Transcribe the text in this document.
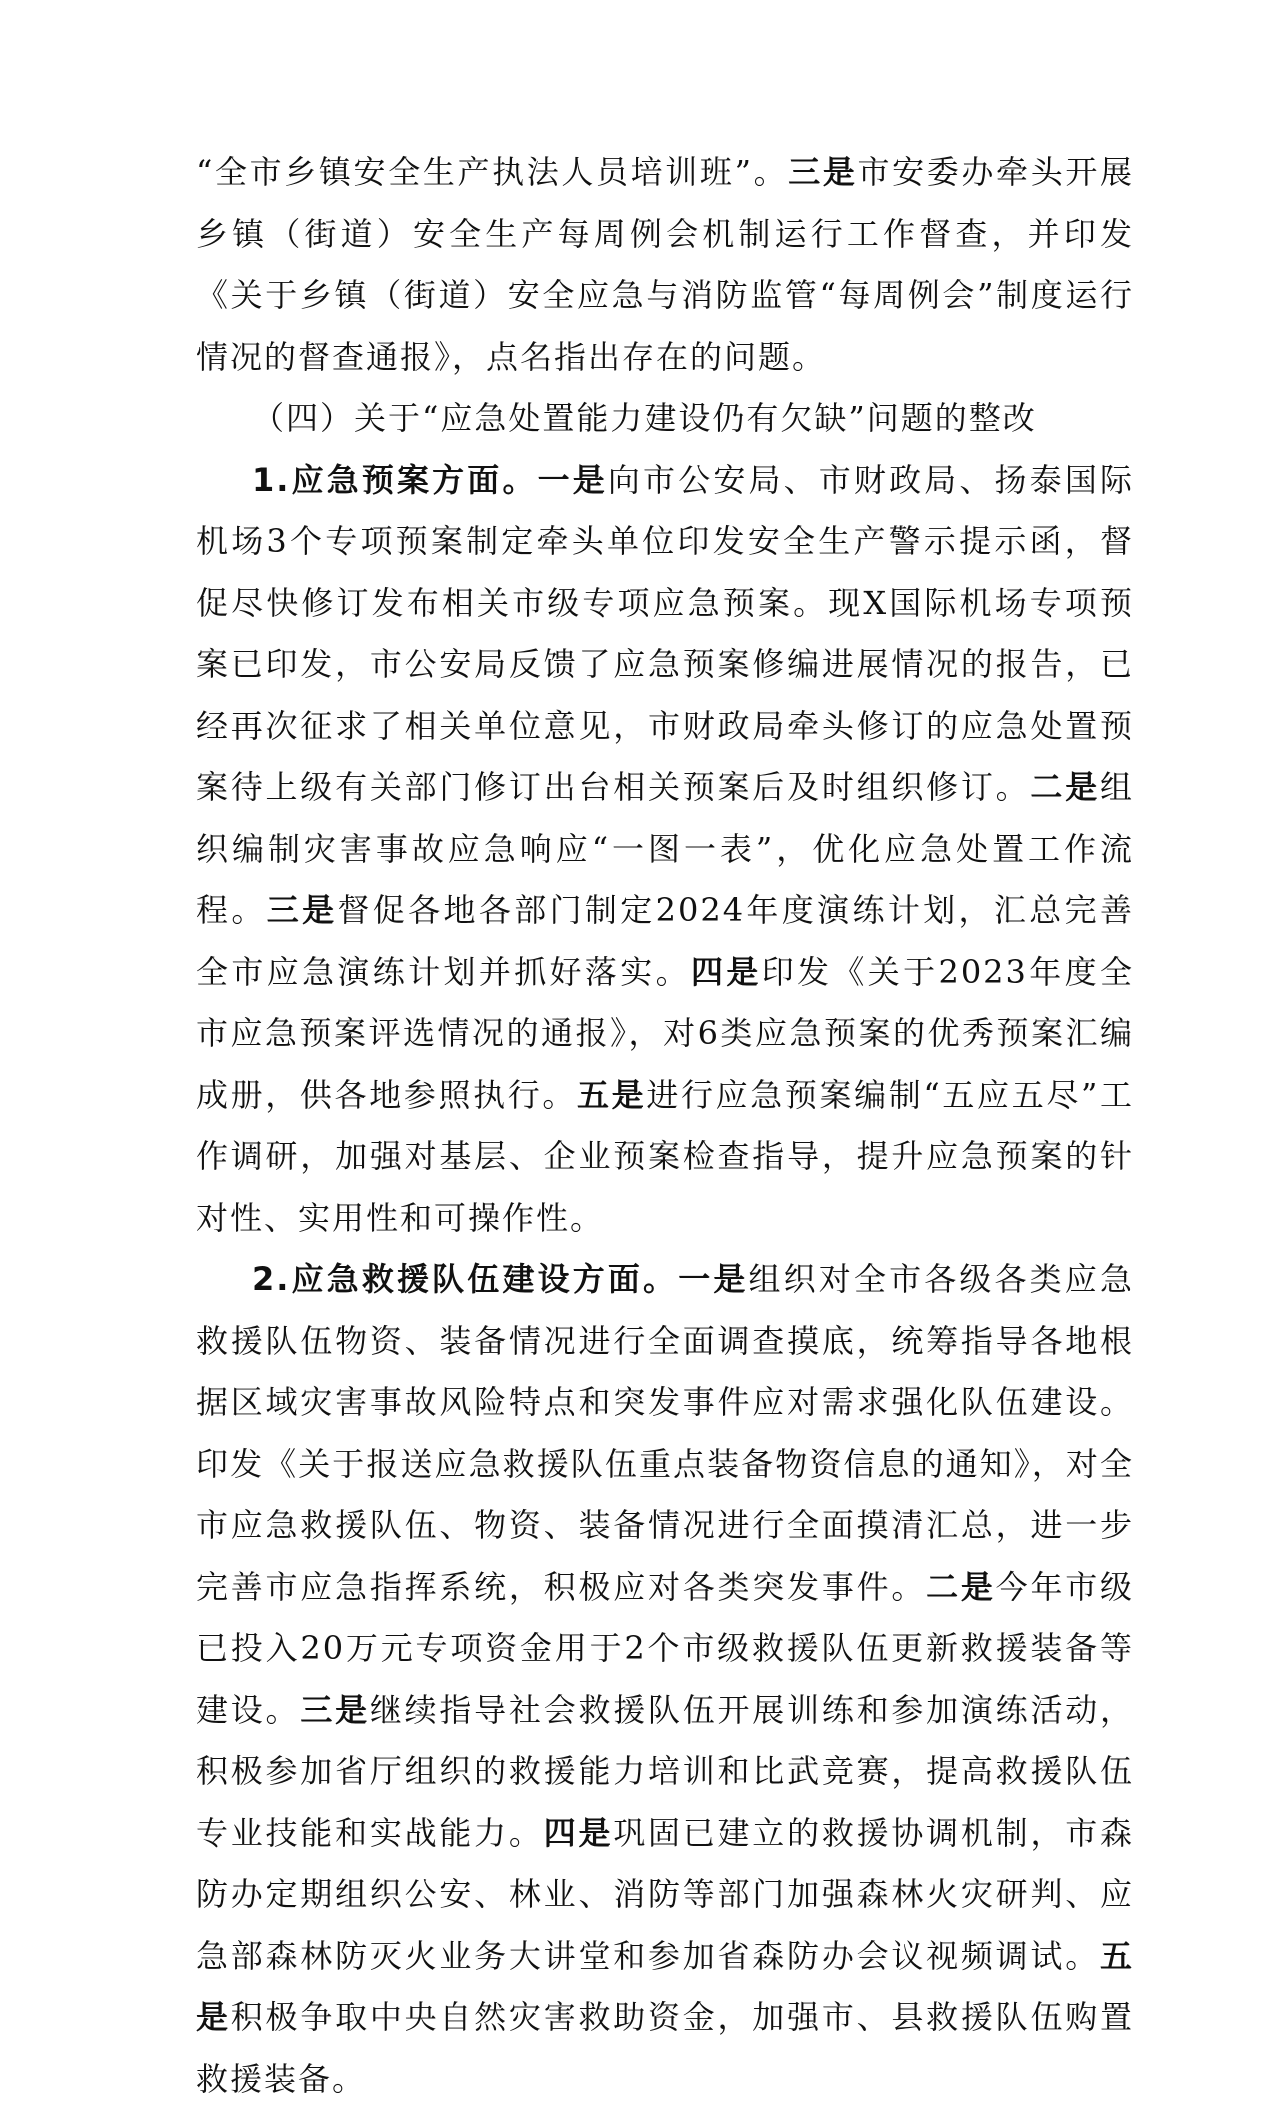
“全市乡镇安全生产执法人员培训班”。三是市安委办牵头开展乡镇（街道）安全生产每周例会机制运行工作督查，并印发《关于乡镇（街道）安全应急与消防监管“每周例会”制度运行情况的督查通报》，点名指出存在的问题。

（四）关于“应急处置能力建设仍有欠缺”问题的整改

1.应急预案方面。一是向市公安局、市财政局、扬泰国际机场3个专项预案制定牵头单位印发安全生产警示提示函，督促尽快修订发布相关市级专项应急预案。现X国际机场专项预案已印发，市公安局反馈了应急预案修编进展情况的报告，已经再次征求了相关单位意见，市财政局牵头修订的应急处置预案待上级有关部门修订出台相关预案后及时组织修订。二是组织编制灾害事故应急响应“一图一表”，优化应急处置工作流程。三是督促各地各部门制定2024年度演练计划，汇总完善全市应急演练计划并抓好落实。四是印发《关于2023年度全市应急预案评选情况的通报》，对6类应急预案的优秀预案汇编成册，供各地参照执行。五是进行应急预案编制“五应五尽”工作调研，加强对基层、企业预案检查指导，提升应急预案的针对性、实用性和可操作性。

2.应急救援队伍建设方面。一是组织对全市各级各类应急救援队伍物资、装备情况进行全面调查摸底，统筹指导各地根据区域灾害事故风险特点和突发事件应对需求强化队伍建设。印发《关于报送应急救援队伍重点装备物资信息的通知》，对全市应急救援队伍、物资、装备情况进行全面摸清汇总，进一步完善市应急指挥系统，积极应对各类突发事件。二是今年市级已投入20万元专项资金用于2个市级救援队伍更新救援装备等建设。三是继续指导社会救援队伍开展训练和参加演练活动，积极参加省厅组织的救援能力培训和比武竞赛，提高救援队伍专业技能和实战能力。四是巩固已建立的救援协调机制，市森防办定期组织公安、林业、消防等部门加强森林火灾研判、应急部森林防灭火业务大讲堂和参加省森防办会议视频调试。五是积极争取中央自然灾害救助资金，加强市、县救援队伍购置救援装备。
